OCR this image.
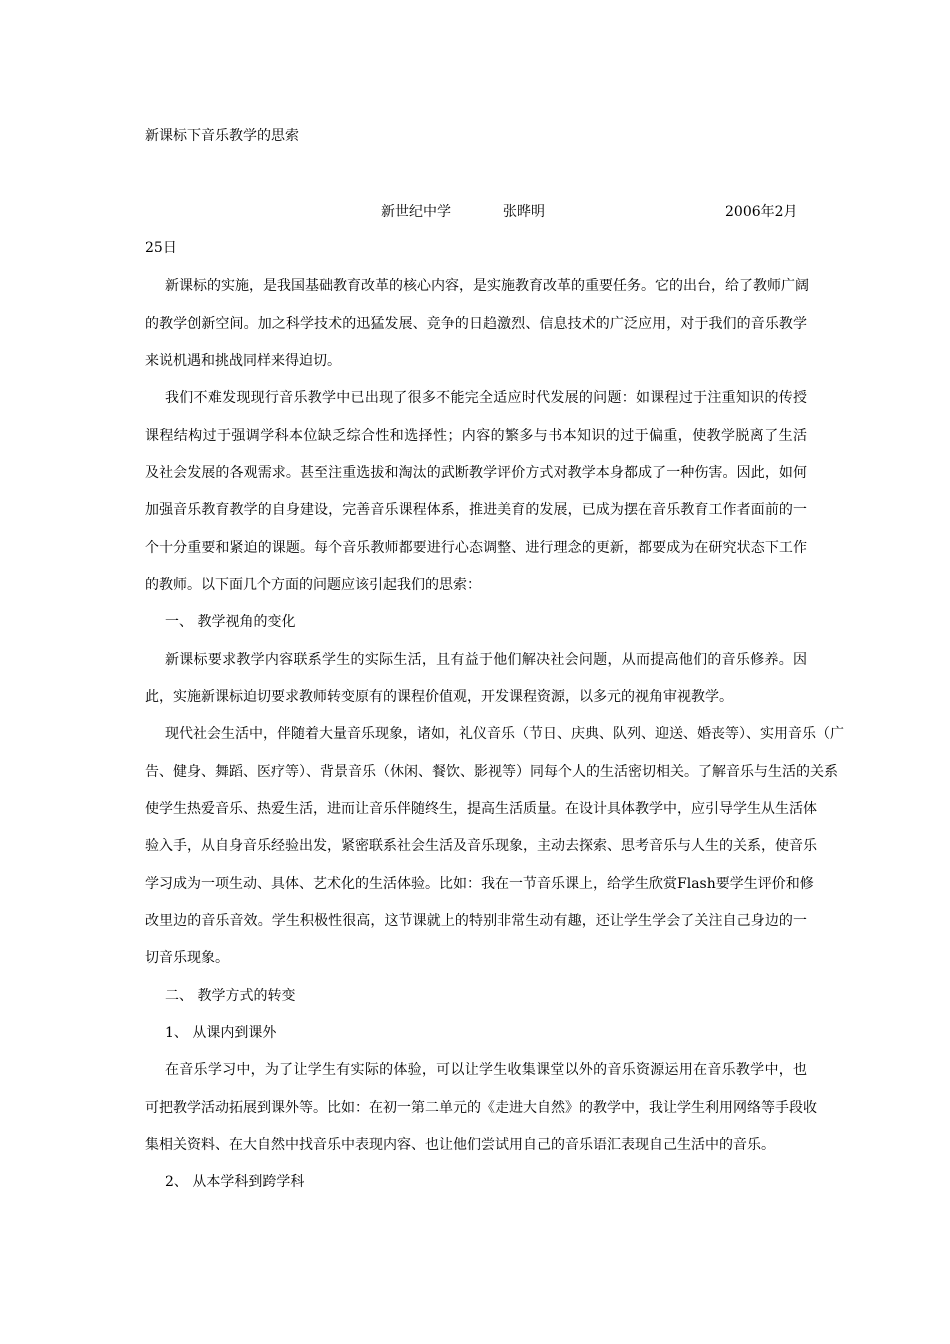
新课标下音乐教学的思索
新世纪中学	张晔明	2006年2月
25日
新课标的实施，是我国基础教育改革的核心内容，是实施教育改革的重要任务。它的出台，给了教师广阔
的教学创新空间。加之科学技术的迅猛发展、竞争的日趋激烈、信息技术的广泛应用，对于我们的音乐教学
来说机遇和挑战同样来得迫切。
我们不难发现现行音乐教学中已出现了很多不能完全适应时代发展的问题：如课程过于注重知识的传授
课程结构过于强调学科本位缺乏综合性和选择性；内容的繁多与书本知识的过于偏重，使教学脱离了生活
及社会发展的各观需求。甚至注重选拔和淘汰的武断教学评价方式对教学本身都成了一种伤害。因此，如何
加强音乐教育教学的自身建设，完善音乐课程体系，推进美育的发展，已成为摆在音乐教育工作者面前的一
个十分重要和紧迫的课题。每个音乐教师都要进行心态调整、进行理念的更新，都要成为在研究状态下工作
的教师。以下面几个方面的问题应该引起我们的思索：
一、 教学视角的变化
新课标要求教学内容联系学生的实际生活，且有益于他们解决社会问题，从而提高他们的音乐修养。因
此，实施新课标迫切要求教师转变原有的课程价值观，开发课程资源，以多元的视角审视教学。
现代社会生活中，伴随着大量音乐现象，诸如，礼仪音乐（节日、庆典、队列、迎送、婚丧等）、实用音乐（广
告、健身、舞蹈、医疗等）、背景音乐（休闲、餐饮、影视等）同每个人的生活密切相关。了解音乐与生活的关系
使学生热爱音乐、热爱生活，进而让音乐伴随终生，提高生活质量。在设计具体教学中，应引导学生从生活体
验入手，从自身音乐经验出发，紧密联系社会生活及音乐现象，主动去探索、思考音乐与人生的关系，使音乐
学习成为一项生动、具体、艺术化的生活体验。比如：我在一节音乐课上，给学生欣赏Flash要学生评价和修
改里边的音乐音效。学生积极性很高，这节课就上的特别非常生动有趣，还让学生学会了关注自己身边的一
切音乐现象。
二、 教学方式的转变
1、 从课内到课外
在音乐学习中，为了让学生有实际的体验，可以让学生收集课堂以外的音乐资源运用在音乐教学中，也
可把教学活动拓展到课外等。比如：在初一第二单元的《走进大自然》的教学中，我让学生利用网络等手段收
集相关资料、在大自然中找音乐中表现内容、也让他们尝试用自己的音乐语汇表现自己生活中的音乐。
2、 从本学科到跨学科
